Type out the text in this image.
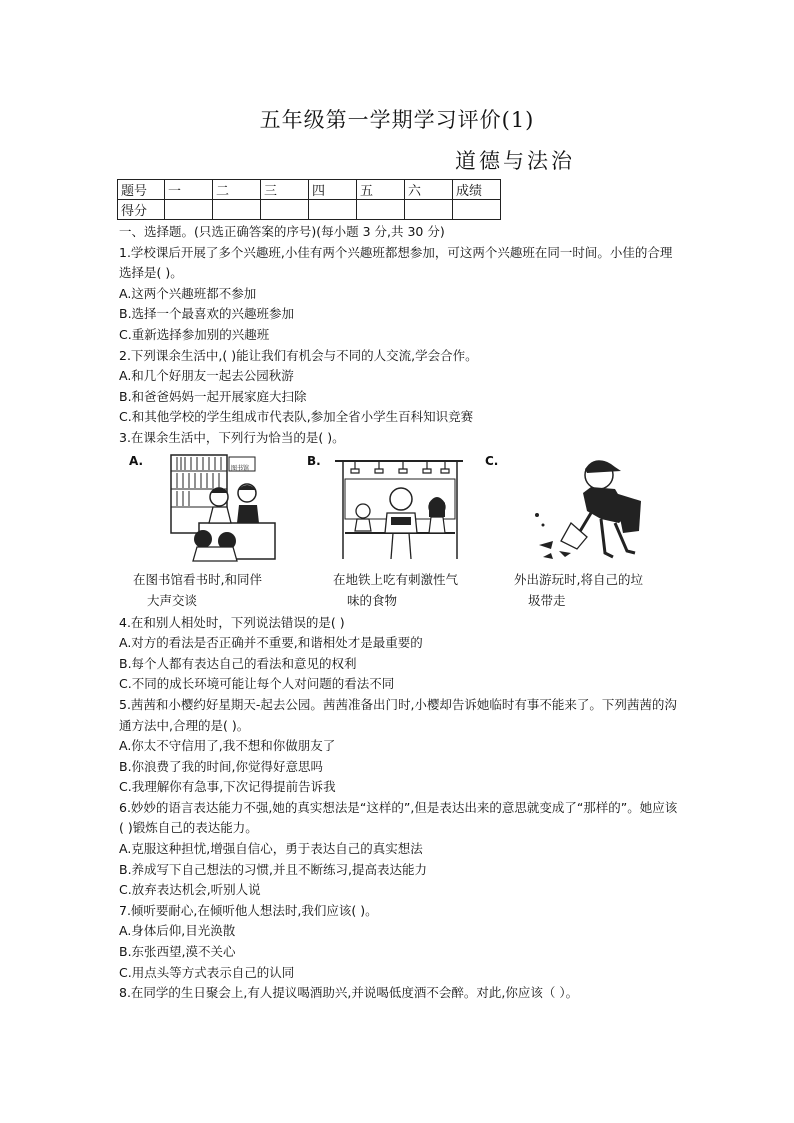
五年级第一学期学习评价(1)
道德与法治
题号	一	二	三	四	五	六	成绩
得分							
一、选择题。(只选正确答案的序号)(每小题 3 分,共 30 分)
1.学校课后开展了多个兴趣班,小佳有两个兴趣班都想参加，可这两个兴趣班在同一时间。小佳的合理选择是( )。
A.这两个兴趣班都不参加
B.选择一个最喜欢的兴趣班参加
C.重新选择参加别的兴趣班
2.下列课余生活中,( )能让我们有机会与不同的人交流,学会合作。
A.和几个好朋友一起去公园秋游
B.和爸爸妈妈一起开展家庭大扫除
C.和其他学校的学生组成市代表队,参加全省小学生百科知识竞赛
3.在课余生活中，下列行为恰当的是( )。
A.
图书馆
B.	C.
在图书馆看书时,和同伴
大声交谈
在地铁上吃有刺激性气
味的食物
外出游玩时,将自己的垃
圾带走
4.在和别人相处时，下列说法错误的是( )
A.对方的看法是否正确并不重要,和谐相处才是最重要的
B.每个人都有表达自己的看法和意见的权利
C.不同的成长环境可能让每个人对问题的看法不同
5.茜茜和小樱约好星期天-起去公园。茜茜准备出门时,小樱却告诉她临时有事不能来了。下列茜茜的沟通方法中,合理的是( )。
A.你太不守信用了,我不想和你做朋友了
B.你浪费了我的时间,你觉得好意思吗
C.我理解你有急事,下次记得提前告诉我
6.妙妙的语言表达能力不强,她的真实想法是“这样的”,但是表达出来的意思就变成了“那样的”。她应该( )锻炼自己的表达能力。
A.克服这种担忧,增强自信心，勇于表达自己的真实想法
B.养成写下自己想法的习惯,并且不断练习,提高表达能力
C.放弃表达机会,听别人说
7.倾听要耐心,在倾听他人想法时,我们应该( )。
A.身体后仰,目光涣散
B.东张西望,漠不关心
C.用点头等方式表示自己的认同
8.在同学的生日聚会上,有人提议喝酒助兴,并说喝低度酒不会醉。对此,你应该（ ）。
